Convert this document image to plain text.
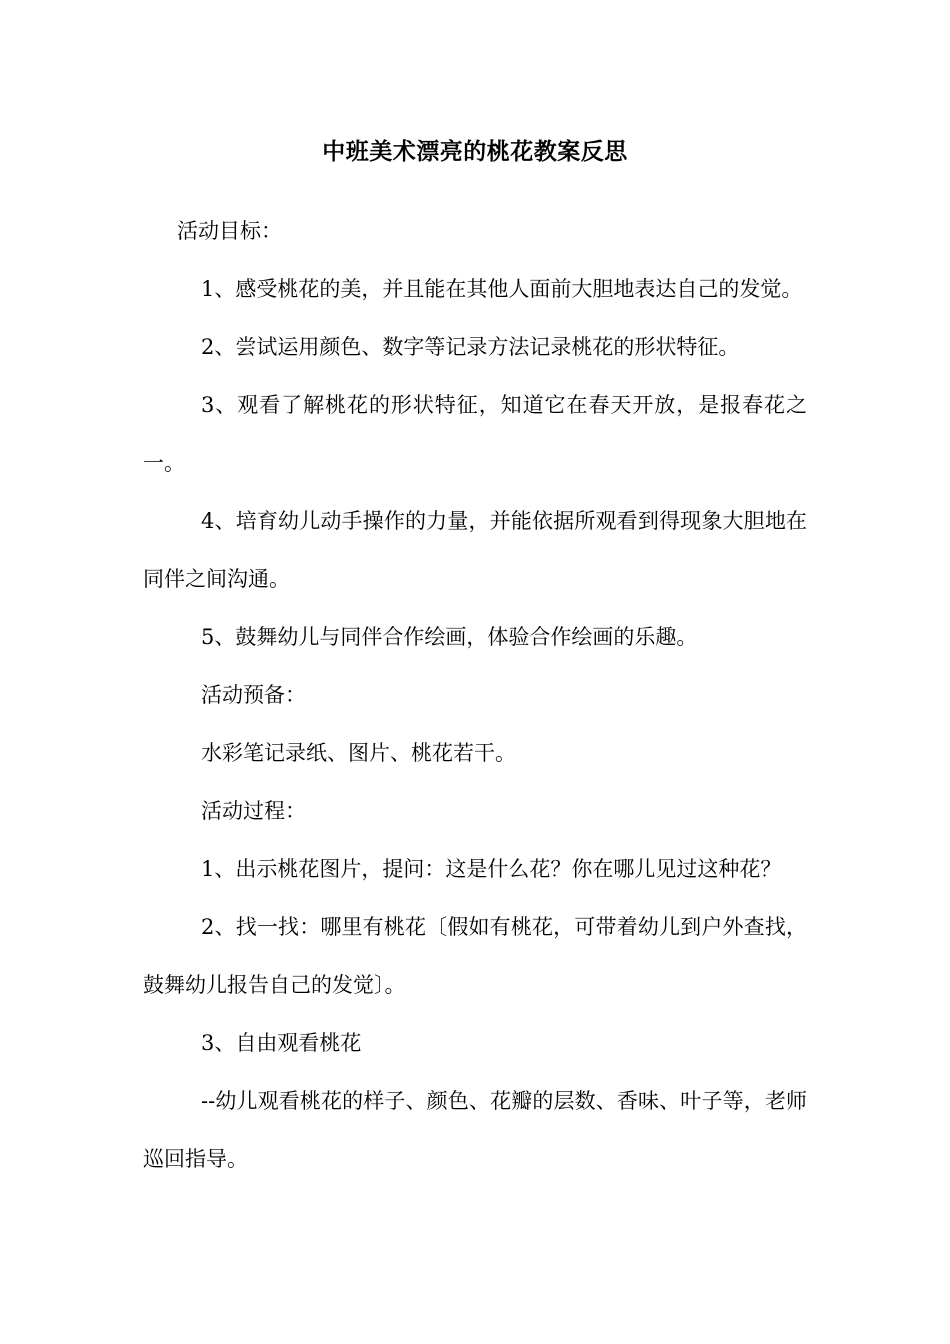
中班美术漂亮的桃花教案反思

活动目标：

1、感受桃花的美，并且能在其他人面前大胆地表达自己的发觉。

2、尝试运用颜色、数字等记录方法记录桃花的形状特征。

3、观看了解桃花的形状特征，知道它在春天开放，是报春花之一。

4、培育幼儿动手操作的力量，并能依据所观看到得现象大胆地在同伴之间沟通。

5、鼓舞幼儿与同伴合作绘画，体验合作绘画的乐趣。

活动预备：

水彩笔记录纸、图片、桃花若干。

活动过程：

1、出示桃花图片，提问：这是什么花？你在哪儿见过这种花？

2、找一找：哪里有桃花〔假如有桃花，可带着幼儿到户外查找，鼓舞幼儿报告自己的发觉〕。

3、自由观看桃花

--幼儿观看桃花的样子、颜色、花瓣的层数、香味、叶子等，老师巡回指导。
